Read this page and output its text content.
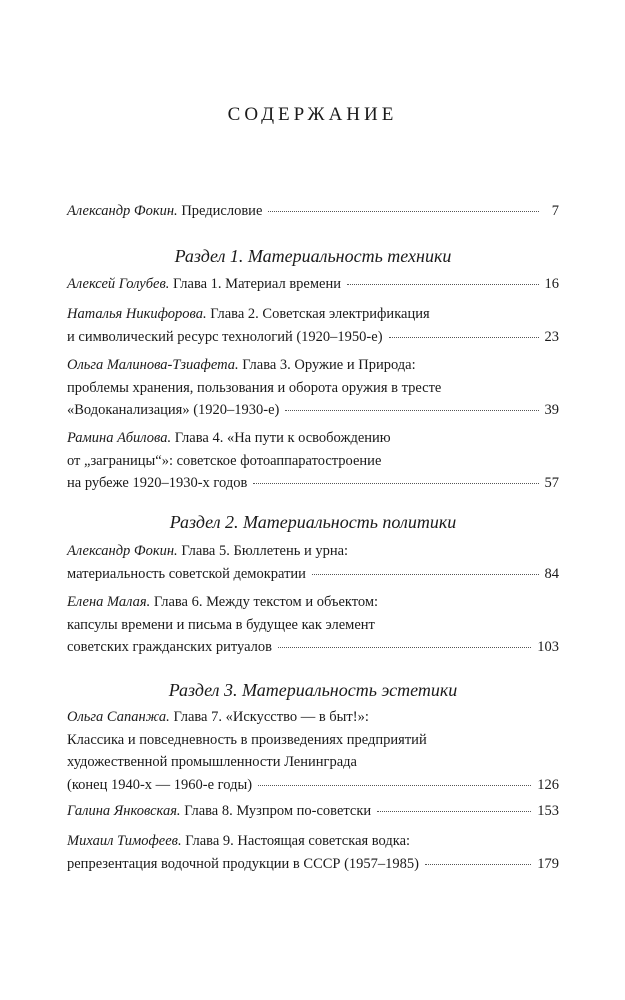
СОДЕРЖАНИЕ
Александр Фокин. Предисловие	7
Раздел 1. Материальность техники
Алексей Голубев. Глава 1. Материал времени	16
Наталья Никифорова. Глава 2. Советская электрификация
и символический ресурс технологий (1920–1950-е)	23
Ольга Малинова-Тзиафета. Глава 3. Оружие и Природа:
проблемы хранения, пользования и оборота оружия в тресте
«Водоканализация» (1920–1930-е)	39
Рамина Абилова. Глава 4. «На пути к освобождению
от „заграницы“»: советское фотоаппаратостроение
на рубеже 1920–1930-х годов	57
Раздел 2. Материальность политики
Александр Фокин. Глава 5. Бюллетень и урна:
материальность советской демократии	84
Елена Малая. Глава 6. Между текстом и объектом:
капсулы времени и письма в будущее как элемент
советских гражданских ритуалов	103
Раздел 3. Материальность эстетики
Ольга Сапанжа. Глава 7. «Искусство — в быт!»:
Классика и повседневность в произведениях предприятий
художественной промышленности Ленинграда
(конец 1940-х — 1960-е годы)	126
Галина Янковская. Глава 8. Музпром по-советски	153
Михаил Тимофеев. Глава 9. Настоящая советская водка:
репрезентация водочной продукции в СССР (1957–1985)	179
